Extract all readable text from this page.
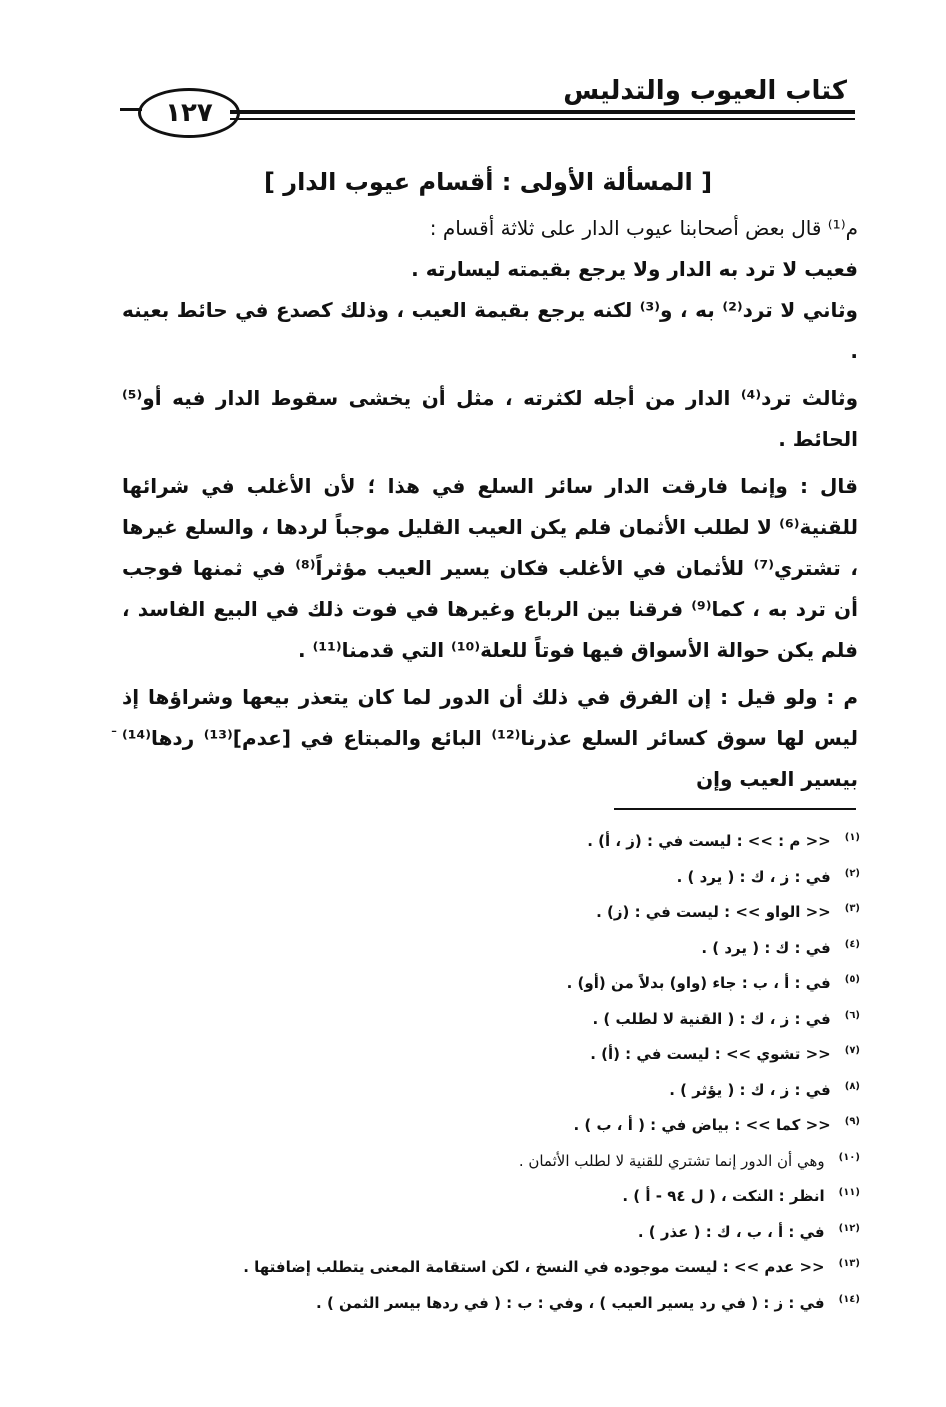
كتاب العيوب والتدليس
١٢٧
[ المسألة الأولى : أقسام عيوب الدار ]

م⁽¹⁾ قال بعض أصحابنا عيوب الدار على ثلاثة أقسام :

فعيب لا ترد به الدار ولا يرجع بقيمته ليسارته .

وثاني لا ترد⁽²⁾ به ، و⁽³⁾ لكنه يرجع بقيمة العيب ، وذلك كصدع في حائط بعينه .

وثالث ترد⁽⁴⁾ الدار من أجله لكثرته ، مثل أن يخشى سقوط الدار فيه أو⁽⁵⁾ الحائط .

قال : وإنما فارقت الدار سائر السلع في هذا ؛ لأن الأغلب في شرائها للقنية⁽⁶⁾ لا لطلب الأثمان فلم يكن العيب القليل موجباً لردها ، والسلع غيرها ، تشتري⁽⁷⁾ للأثمان في الأغلب فكان يسير العيب مؤثراً⁽⁸⁾ في ثمنها فوجب أن ترد به ، كما⁽⁹⁾ فرقنا بين الرباع وغيرها في فوت ذلك في البيع الفاسد ، فلم يكن حوالة الأسواق فيها فوتاً للعلة⁽¹⁰⁾ التي قدمنا⁽¹¹⁾ .

م : ولو قيل : إن الفرق في ذلك أن الدور لما كان يتعذر بيعها وشراؤها إذ ليس لها سوق كسائر السلع عذرنا⁽¹²⁾ البائع والمبتاع في [عدم]⁽¹³⁾ ردها⁽¹⁴⁾ بيسير العيب وإن

ـ
$^{(١)}$<< م : >> : ليست في : (ز ، أ) .
$^{(٢)}$في : ز ، ك : ( يرد ) .
$^{(٣)}$<< الواو >> : ليست في : (ز) .
$^{(٤)}$في : ك : ( يرد ) .
$^{(٥)}$في : أ ، ب : جاء (واو) بدلاً من (أو) .
$^{(٦)}$في : ز ، ك : ( القنية لا لطلب ) .
$^{(٧)}$<< تشوي >> : ليست في : (أ) .
$^{(٨)}$في : ز ، ك : ( يؤثر ) .
$^{(٩)}$<< كما >> : بياض في : ( أ ، ب ) .
$^{(١٠)}$وهي أن الدور إنما تشتري للقنية لا لطلب الأثمان .
$^{(١١)}$انظر : النكت ، ( ل ٩٤ - أ ) .
$^{(١٢)}$في : أ ، ب ، ك : ( عذر ) .
$^{(١٣)}$<< عدم >> : ليست موجوده في النسخ ، لكن استقامة المعنى يتطلب إضافتها .
$^{(١٤)}$في : ز : ( في رد يسير العيب ) ، وفي : ب : ( في ردها بيسر الثمن ) .
